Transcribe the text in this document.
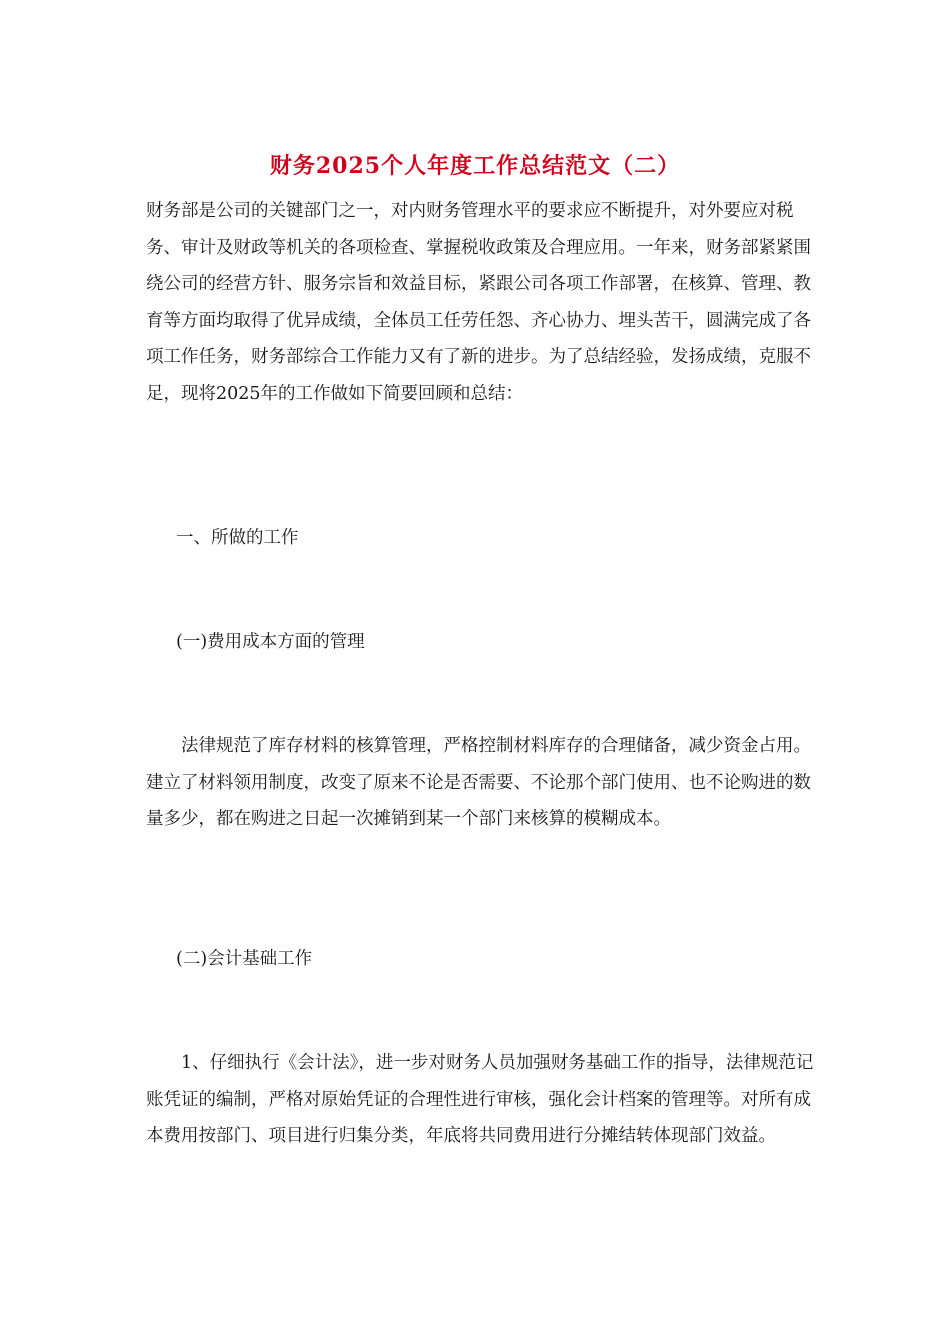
财务2025个人年度工作总结范文（二）

财务部是公司的关键部门之一，对内财务管理水平的要求应不断提升，对外要应对税务、审计及财政等机关的各项检查、掌握税收政策及合理应用。一年来，财务部紧紧围绕公司的经营方针、服务宗旨和效益目标，紧跟公司各项工作部署，在核算、管理、教育等方面均取得了优异成绩，全体员工任劳任怨、齐心协力、埋头苦干，圆满完成了各项工作任务，财务部综合工作能力又有了新的进步。为了总结经验，发扬成绩，克服不足，现将2025年的工作做如下简要回顾和总结：

一、所做的工作

(一)费用成本方面的管理

法律规范了库存材料的核算管理，严格控制材料库存的合理储备，减少资金占用。建立了材料领用制度，改变了原来不论是否需要、不论那个部门使用、也不论购进的数量多少，都在购进之日起一次摊销到某一个部门来核算的模糊成本。

(二)会计基础工作

1、仔细执行《会计法》，进一步对财务人员加强财务基础工作的指导，法律规范记账凭证的编制，严格对原始凭证的合理性进行审核，强化会计档案的管理等。对所有成本费用按部门、项目进行归集分类，年底将共同费用进行分摊结转体现部门效益。
